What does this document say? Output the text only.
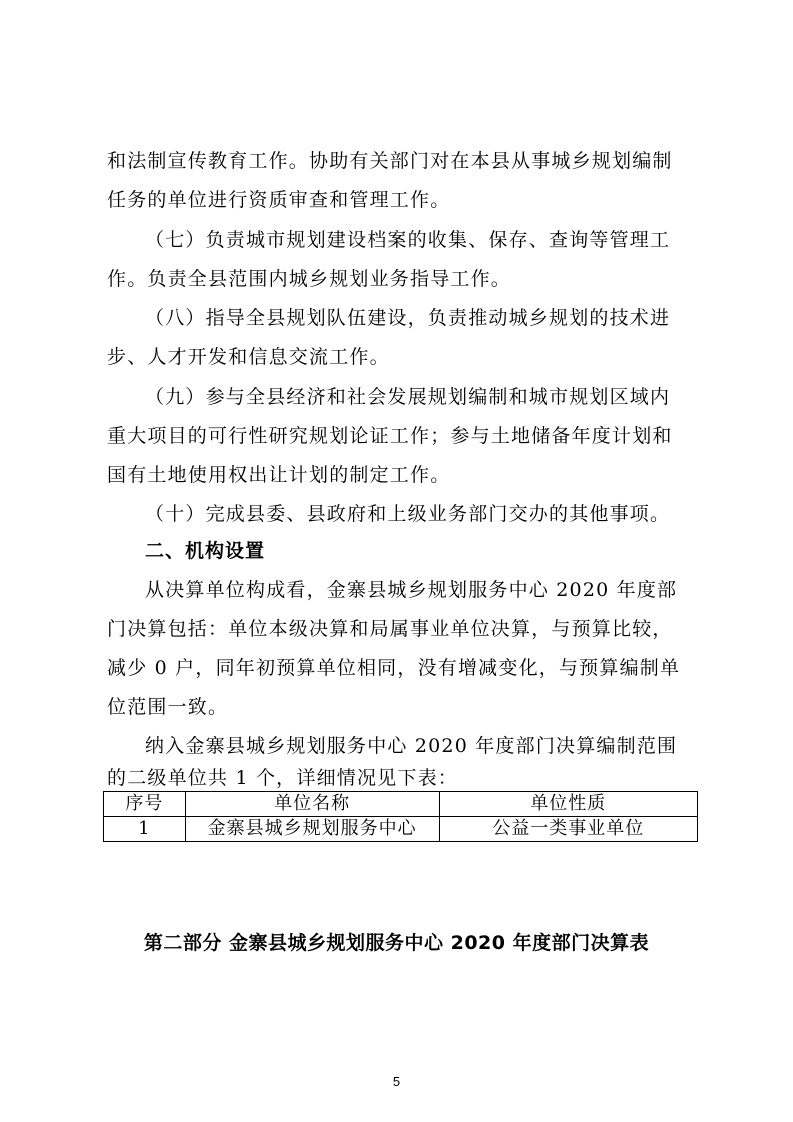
和法制宣传教育工作。协助有关部门对在本县从事城乡规划编制
任务的单位进行资质审查和管理工作。
（七）负责城市规划建设档案的收集、保存、查询等管理工
作。负责全县范围内城乡规划业务指导工作。
（八）指导全县规划队伍建设，负责推动城乡规划的技术进
步、人才开发和信息交流工作。
（九）参与全县经济和社会发展规划编制和城市规划区域内
重大项目的可行性研究规划论证工作；参与土地储备年度计划和
国有土地使用权出让计划的制定工作。
（十）完成县委、县政府和上级业务部门交办的其他事项。
二、机构设置
从决算单位构成看，金寨县城乡规划服务中心 2020 年度部
门决算包括：单位本级决算和局属事业单位决算，与预算比较，
减少 0 户，同年初预算单位相同，没有增减变化，与预算编制单
位范围一致。
纳入金寨县城乡规划服务中心 2020 年度部门决算编制范围
的二级单位共 1 个，详细情况见下表：
序号	单位名称	单位性质
1	金寨县城乡规划服务中心	公益一类事业单位
第二部分 金寨县城乡规划服务中心 2020 年度部门决算表
5
